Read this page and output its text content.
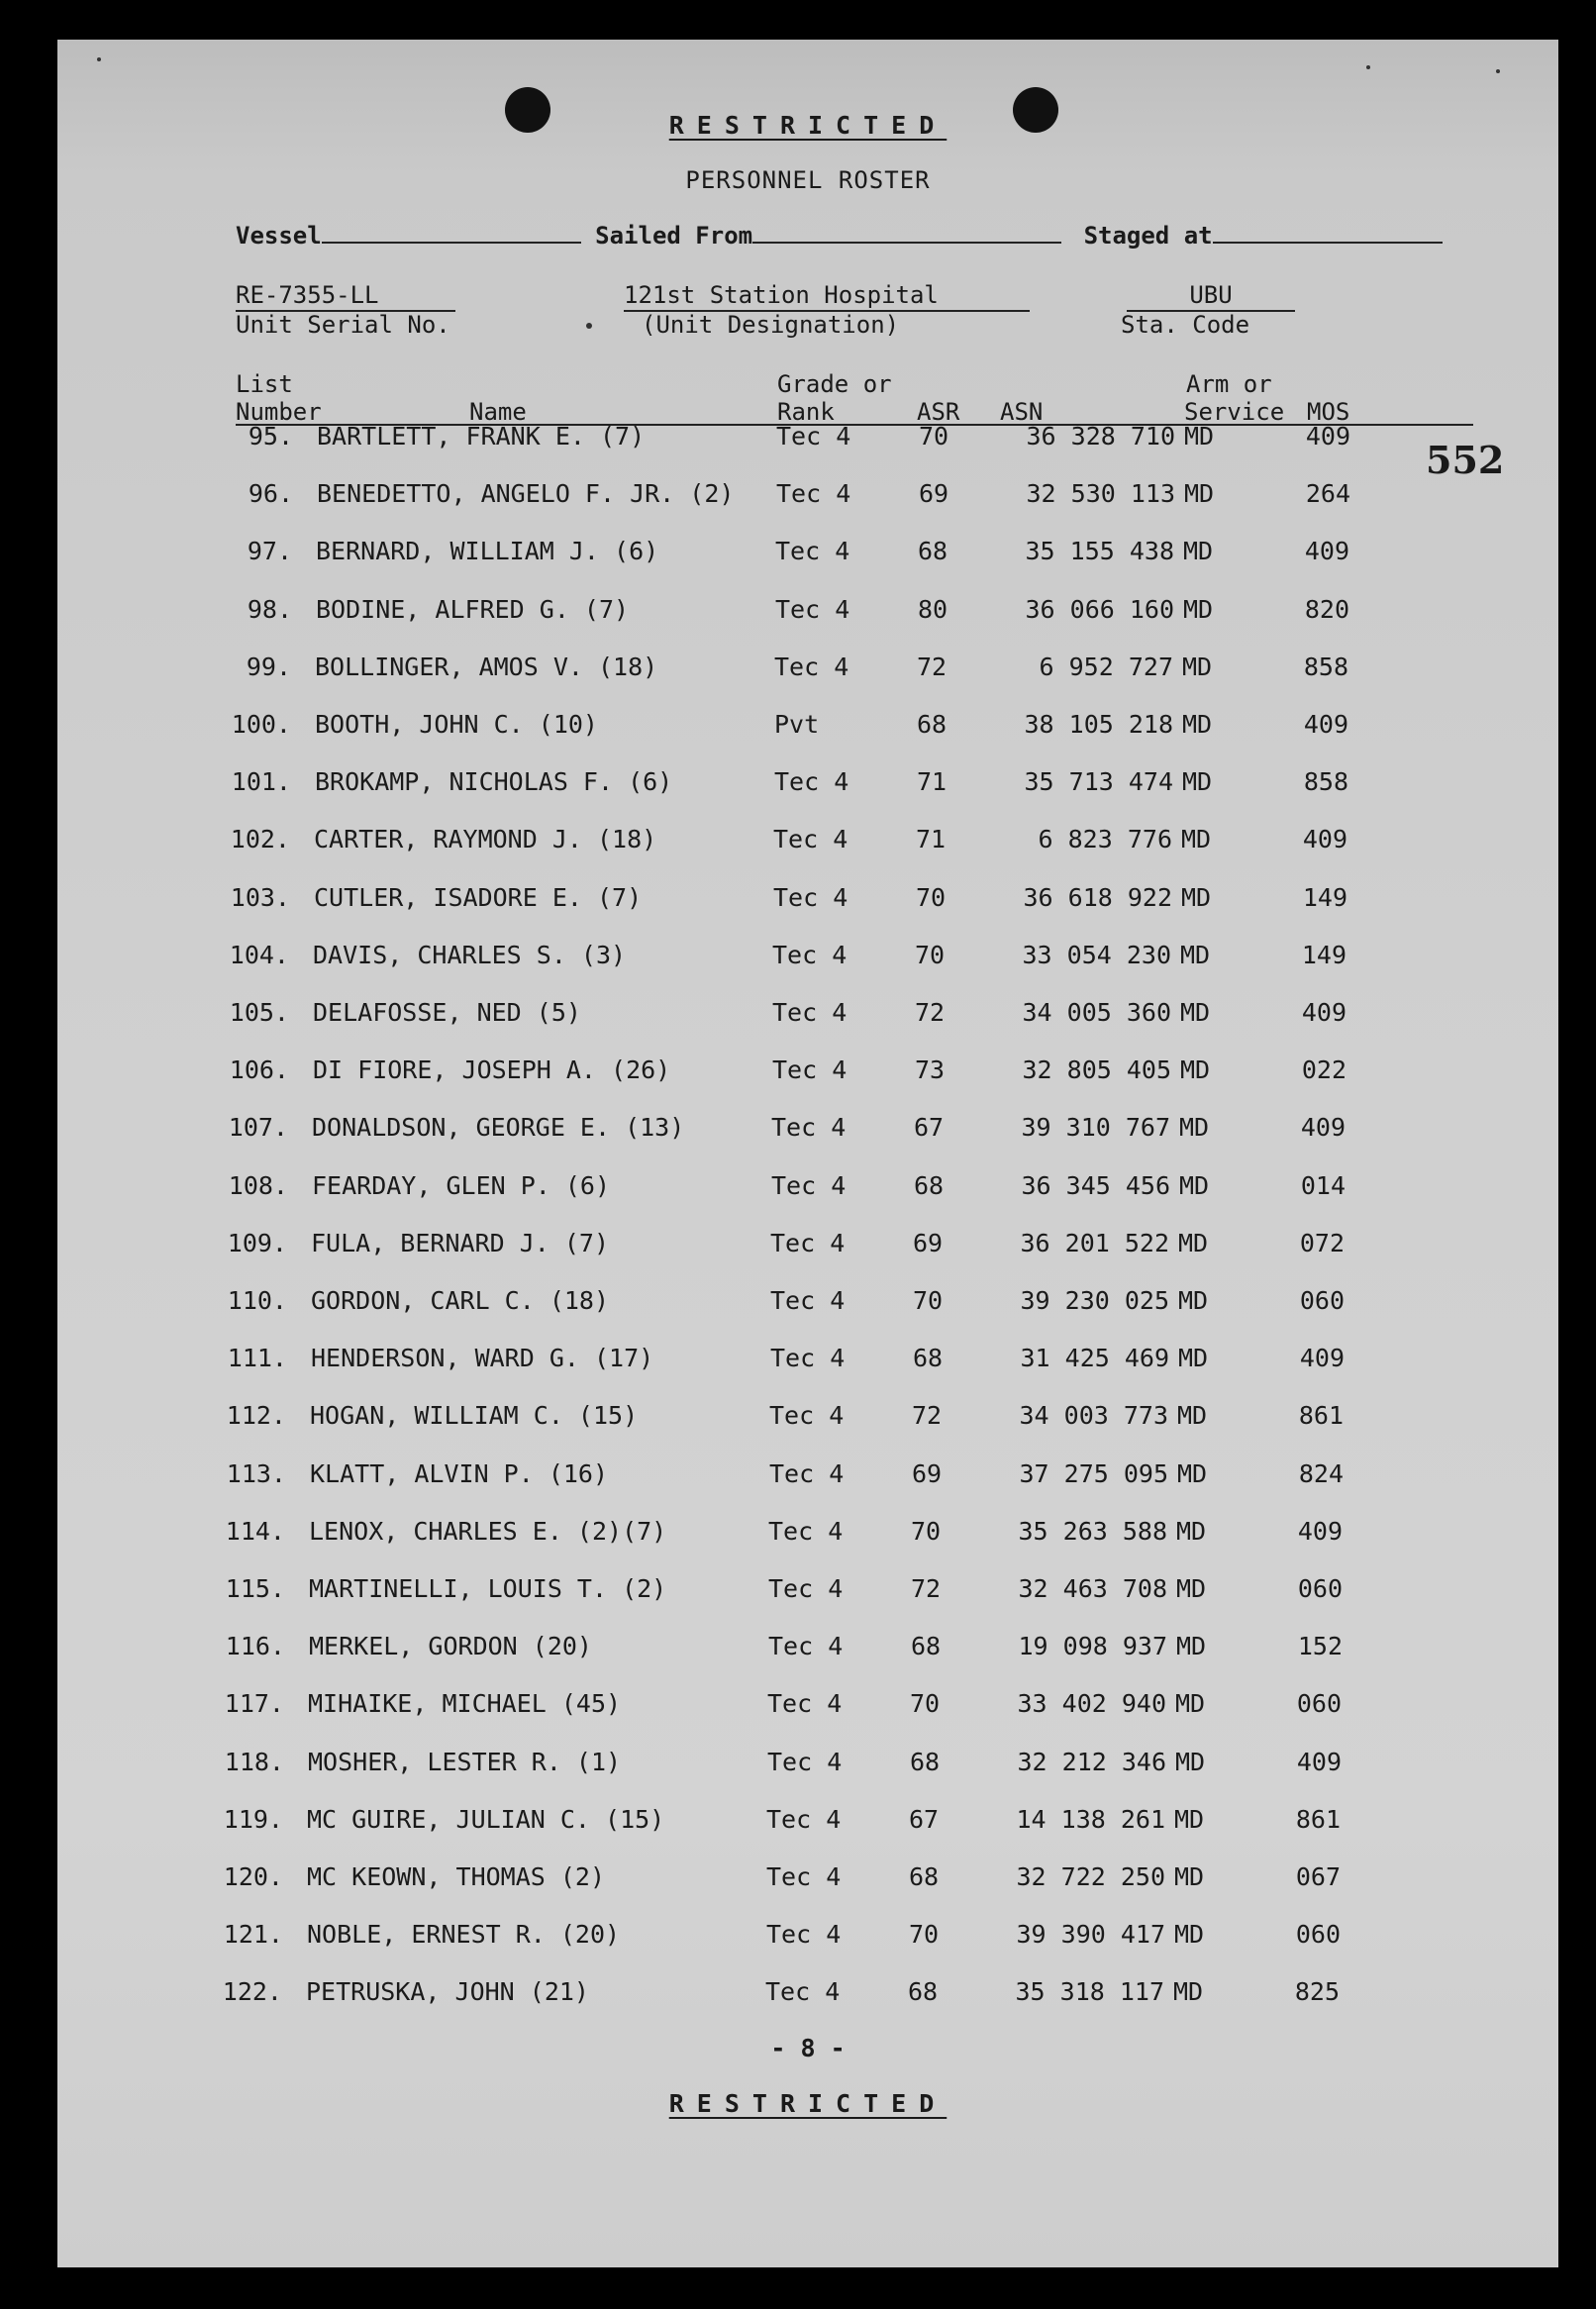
RESTRICTED
PERSONNEL ROSTER
Vessel	Sailed From	Staged at
RE-7355-LL
Unit Serial No.
121st Station Hospital
(Unit Designation)
UBU
Sta. Code
List
Number	Name
Grade or
Rank	ASR ASN
Arm or
Service MOS
552
95. BARTLETT, FRANK E. (7)	Tec 4	70	36 328 710 MD	409
96. BENEDETTO, ANGELO F. JR. (2) Tec 4	69	32 530 113 MD	264
97. BERNARD, WILLIAM J. (6)	Tec 4	68	35 155 438 MD	409
98. BODINE, ALFRED G. (7)	Tec 4	80	36 066 160 MD	820
99. BOLLINGER, AMOS V. (18)	Tec 4	72	6 952 727 MD	858
100. BOOTH, JOHN C. (10)	Pvt	68	38 105 218 MD	409
101. BROKAMP, NICHOLAS F. (6)	Tec 4	71	35 713 474 MD	858
102. CARTER, RAYMOND J. (18)	Tec 4	71	6 823 776 MD	409
103. CUTLER, ISADORE E. (7)	Tec 4	70	36 618 922 MD	149
104. DAVIS, CHARLES S. (3)	Tec 4	70	33 054 230 MD	149
105. DELAFOSSE, NED (5)	Tec 4	72	34 005 360 MD	409
106. DI FIORE, JOSEPH A. (26)	Tec 4	73	32 805 405 MD	022
107. DONALDSON, GEORGE E. (13)	Tec 4	67	39 310 767 MD	409
108. FEARDAY, GLEN P. (6)	Tec 4	68	36 345 456 MD	014
109. FULA, BERNARD J. (7)	Tec 4	69	36 201 522 MD	072
110. GORDON, CARL C. (18)	Tec 4	70	39 230 025 MD	060
111. HENDERSON, WARD G. (17)	Tec 4	68	31 425 469 MD	409
112. HOGAN, WILLIAM C. (15)	Tec 4	72	34 003 773 MD	861
113. KLATT, ALVIN P. (16)	Tec 4	69	37 275 095 MD	824
114. LENOX, CHARLES E. (2)(7)	Tec 4	70	35 263 588 MD	409
115. MARTINELLI, LOUIS T. (2)	Tec 4	72	32 463 708 MD	060
116. MERKEL, GORDON (20)	Tec 4	68	19 098 937 MD	152
117. MIHAIKE, MICHAEL (45)	Tec 4	70	33 402 940 MD	060
118. MOSHER, LESTER R. (1)	Tec 4	68	32 212 346 MD	409
119. MC GUIRE, JULIAN C. (15)	Tec 4	67	14 138 261 MD	861
120. MC KEOWN, THOMAS (2)	Tec 4	68	32 722 250 MD	067
121. NOBLE, ERNEST R. (20)	Tec 4	70	39 390 417 MD	060
122. PETRUSKA, JOHN (21)	Tec 4	68	35 318 117 MD	825
- 8 -
RESTRICTED
